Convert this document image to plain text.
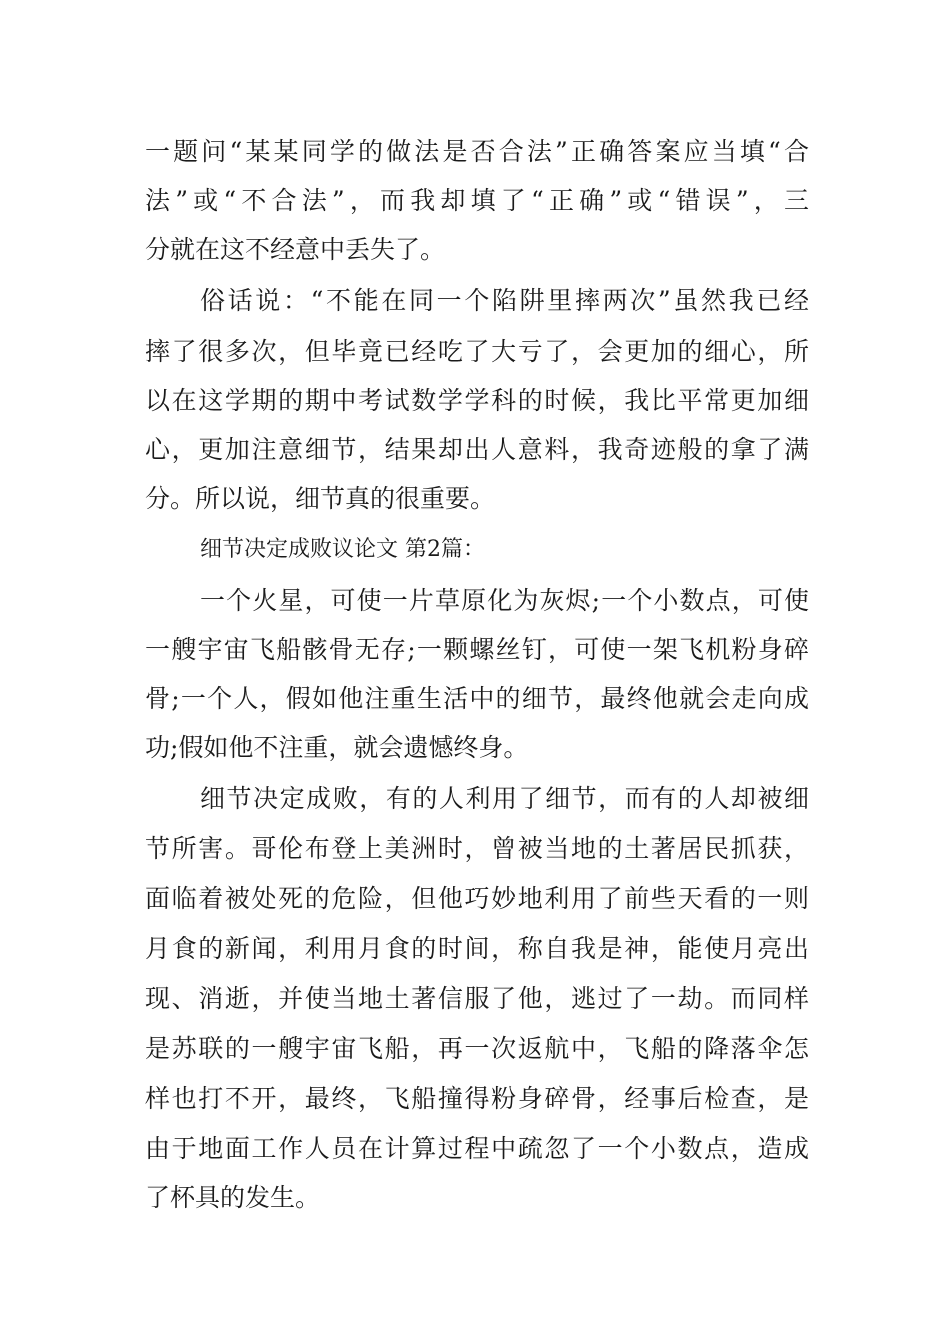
一题问“某某同学的做法是否合法”正确答案应当填“合
法”或“不合法”，而我却填了“正确”或“错误”，三
分就在这不经意中丢失了。
俗话说：“不能在同一个陷阱里摔两次”虽然我已经
摔了很多次，但毕竟已经吃了大亏了，会更加的细心，所
以在这学期的期中考试数学学科的时候，我比平常更加细
心，更加注意细节，结果却出人意料，我奇迹般的拿了满
分。所以说，细节真的很重要。
细节决定成败议论文 第2篇：
一个火星，可使一片草原化为灰烬;一个小数点，可使
一艘宇宙飞船骸骨无存;一颗螺丝钉，可使一架飞机粉身碎
骨;一个人，假如他注重生活中的细节，最终他就会走向成
功;假如他不注重，就会遗憾终身。
细节决定成败，有的人利用了细节，而有的人却被细
节所害。哥伦布登上美洲时，曾被当地的土著居民抓获，
面临着被处死的危险，但他巧妙地利用了前些天看的一则
月食的新闻，利用月食的时间，称自我是神，能使月亮出
现、消逝，并使当地土著信服了他，逃过了一劫。而同样
是苏联的一艘宇宙飞船，再一次返航中，飞船的降落伞怎
样也打不开，最终，飞船撞得粉身碎骨，经事后检查，是
由于地面工作人员在计算过程中疏忽了一个小数点，造成
了杯具的发生。
